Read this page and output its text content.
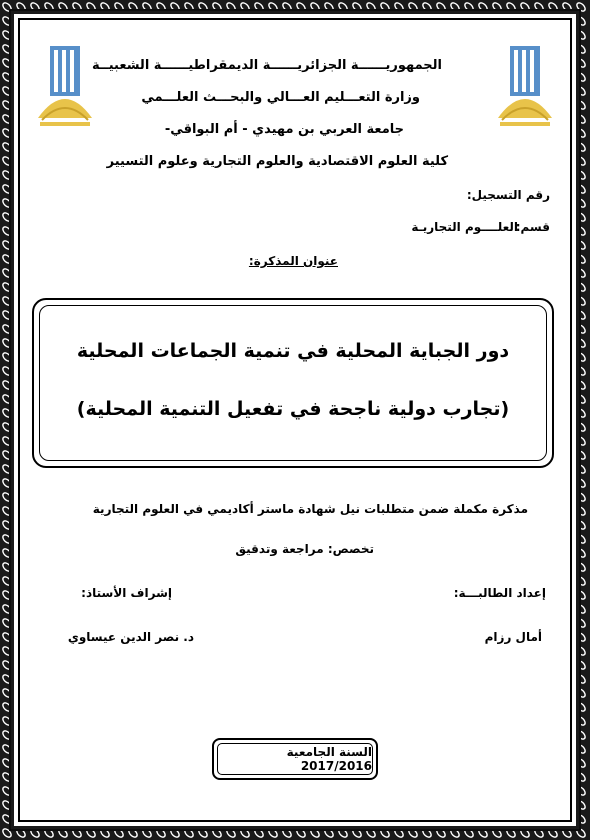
الجمهوريــــــة الجزائريــــــة الديمقراطيــــــة الشعبيــة
وزارة التعـــليم العـــالي والبحـــث العلـــمي
جامعة العربي بن مهيدي - أم البواقي-
كلية العلوم الاقتصادية والعلوم التجارية وعلوم التسيير
رقم التسجيل:
قسم:
العلــــوم التجاريـة
عنوان المذكرة:
دور الجباية المحلية في تنمية الجماعات المحلية
(تجارب دولية ناجحة في تفعيل التنمية المحلية)
مذكرة مكملة ضمن متطلبات نيل شهادة ماستر أكاديمي في العلوم التجارية
تخصص: مراجعة وتدقيق
إعداد الطالبـــة:
إشراف الأستاذ:
أمال رزام
د. نصر الدين عيساوي
السنة الجامعية 2017/2016
